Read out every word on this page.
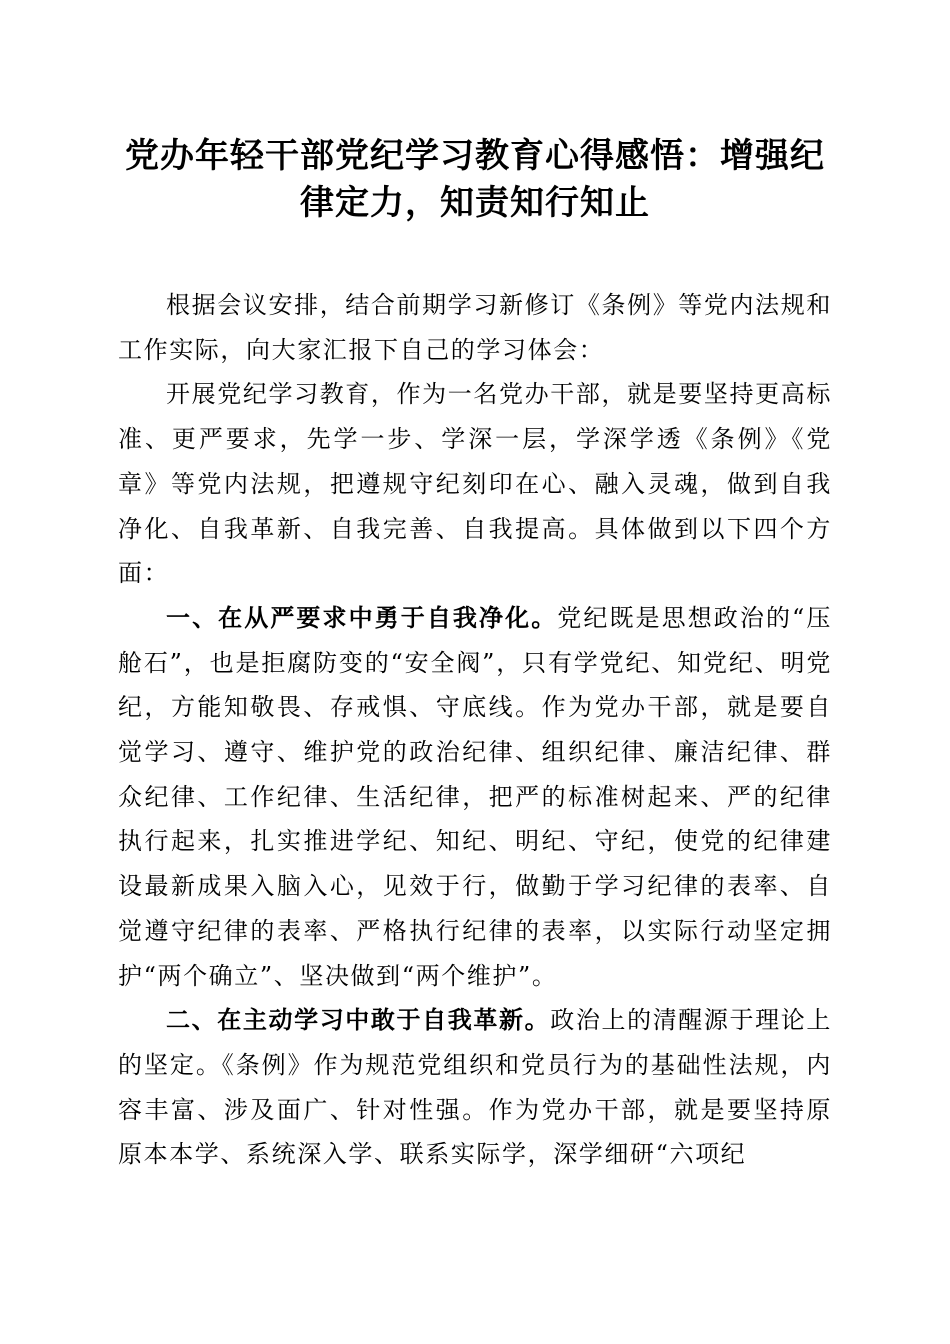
党办年轻干部党纪学习教育心得感悟：增强纪
律定力，知责知行知止

根据会议安排，结合前期学习新修订《条例》等党内法规和工作实际，向大家汇报下自己的学习体会：

开展党纪学习教育，作为一名党办干部，就是要坚持更高标准、更严要求，先学一步、学深一层，学深学透《条例》《党章》等党内法规，把遵规守纪刻印在心、融入灵魂，做到自我净化、自我革新、自我完善、自我提高。具体做到以下四个方面：

一、在从严要求中勇于自我净化。党纪既是思想政治的“压舱石”，也是拒腐防变的“安全阀”，只有学党纪、知党纪、明党纪，方能知敬畏、存戒惧、守底线。作为党办干部，就是要自觉学习、遵守、维护党的政治纪律、组织纪律、廉洁纪律、群众纪律、工作纪律、生活纪律，把严的标准树起来、严的纪律执行起来，扎实推进学纪、知纪、明纪、守纪，使党的纪律建设最新成果入脑入心，见效于行，做勤于学习纪律的表率、自觉遵守纪律的表率、严格执行纪律的表率，以实际行动坚定拥护“两个确立”、坚决做到“两个维护”。

二、在主动学习中敢于自我革新。政治上的清醒源于理论上的坚定。《条例》作为规范党组织和党员行为的基础性法规，内容丰富、涉及面广、针对性强。作为党办干部，就是要坚持原原本本学、系统深入学、联系实际学，深学细研“六项纪
